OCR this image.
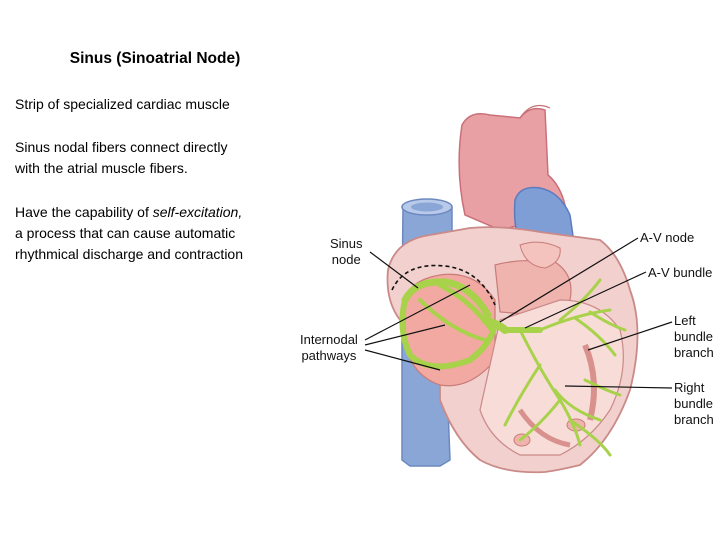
Sinus (Sinoatrial Node)
Strip of specialized cardiac muscle
Sinus nodal fibers connect directly
with the atrial muscle fibers.
Have the capability of self-excitation,
a process that can cause automatic
rhythmical discharge and contraction
Sinus
node
Internodal
pathways
A-V node
A-V bundle
Left
bundle
branch
Right
bundle
branch
